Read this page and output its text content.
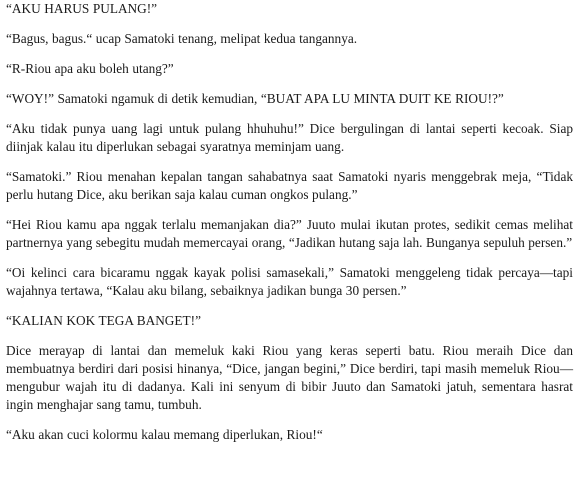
“AKU HARUS PULANG!”

“Bagus, bagus.“ ucap Samatoki tenang, melipat kedua tangannya.

“R-Riou apa aku boleh utang?”

“WOY!” Samatoki ngamuk di detik kemudian, “BUAT APA LU MINTA DUIT KE RIOU!?”

“Aku tidak punya uang lagi untuk pulang hhuhuhu!” Dice bergulingan di lantai seperti kecoak. Siap diinjak kalau itu diperlukan sebagai syaratnya meminjam uang.

“Samatoki.” Riou menahan kepalan tangan sahabatnya saat Samatoki nyaris menggebrak meja, “Tidak perlu hutang Dice, aku berikan saja kalau cuman ongkos pulang.”

“Hei Riou kamu apa nggak terlalu memanjakan dia?” Juuto mulai ikutan protes, sedikit cemas melihat partnernya yang sebegitu mudah memercayai orang, “Jadikan hutang saja lah. Bunganya sepuluh persen.”

“Oi kelinci cara bicaramu nggak kayak polisi samasekali,” Samatoki menggeleng tidak percaya—tapi wajahnya tertawa, “Kalau aku bilang, sebaiknya jadikan bunga 30 persen.”

“KALIAN KOK TEGA BANGET!”

Dice merayap di lantai dan memeluk kaki Riou yang keras seperti batu. Riou meraih Dice dan membuatnya berdiri dari posisi hinanya, “Dice, jangan begini,” Dice berdiri, tapi masih memeluk Riou—mengubur wajah itu di dadanya. Kali ini senyum di bibir Juuto dan Samatoki jatuh, sementara hasrat ingin menghajar sang tamu, tumbuh.

“Aku akan cuci kolormu kalau memang diperlukan, Riou!“
